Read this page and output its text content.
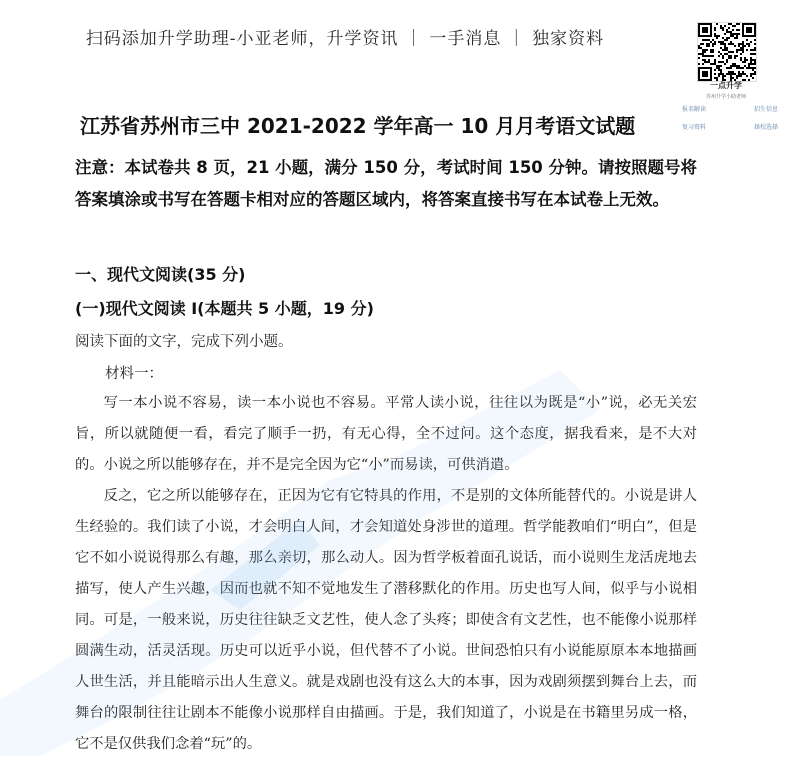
扫码添加升学助理-小亚老师，升学资讯 ｜ 一手消息 ｜ 独家资料
一点升学
苏州升学小助老师
报名解读	招生信息
复习资料	择校选择
江苏省苏州市三中 2021-2022 学年高一 10 月月考语文试题
注意：本试卷共 8 页，21 小题，满分 150 分，考试时间 150 分钟。请按照题号将答案填涂或书写在答题卡相对应的答题区域内，将答案直接书写在本试卷上无效。
一、现代文阅读(35 分)
(一)现代文阅读 I(本题共 5 小题，19 分)
阅读下面的文字，完成下列小题。
材料一：
写一本小说不容易，读一本小说也不容易。平常人读小说，往往以为既是“小”说，必无关宏旨，所以就随便一看，看完了顺手一扔，有无心得，全不过问。这个态度，据我看来，是不大对的。小说之所以能够存在，并不是完全因为它“小”而易读，可供消遣。
反之，它之所以能够存在，正因为它有它特具的作用，不是别的文体所能替代的。小说是讲人生经验的。我们读了小说，才会明白人间，才会知道处身涉世的道理。哲学能教咱们“明白”，但是它不如小说说得那么有趣，那么亲切，那么动人。因为哲学板着面孔说话，而小说则生龙活虎地去描写，使人产生兴趣，因而也就不知不觉地发生了潜移默化的作用。历史也写人间，似乎与小说相同。可是，一般来说，历史往往缺乏文艺性，使人念了头疼；即使含有文艺性，也不能像小说那样圆满生动，活灵活现。历史可以近乎小说，但代替不了小说。世间恐怕只有小说能原原本本地描画人世生活，并且能暗示出人生意义。就是戏剧也没有这么大的本事，因为戏剧须摆到舞台上去，而舞台的限制往往让剧本不能像小说那样自由描画。于是，我们知道了，小说是在书籍里另成一格，它不是仅供我们念着“玩”的。
